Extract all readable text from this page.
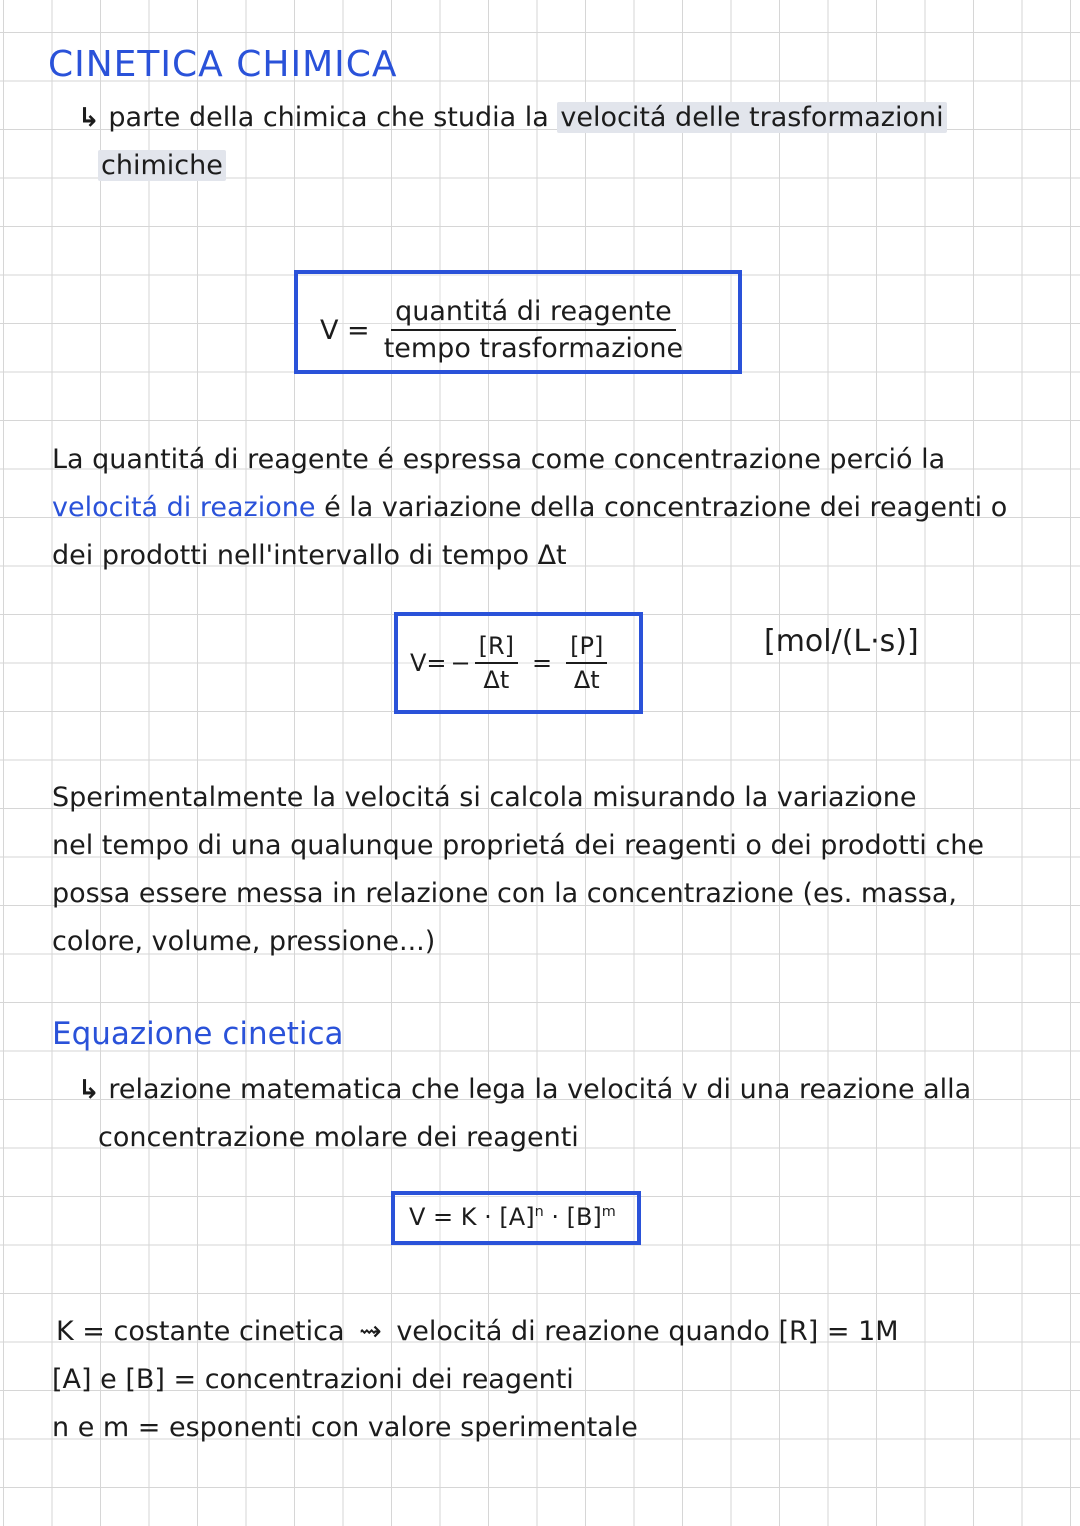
CINETICA CHIMICA
↳ parte della chimica che studia la velocitá delle trasformazioni
chimiche
$V = \frac{\text{quantitá di reagente}}{\text{tempo trasformazione}}$
La quantitá di reagente é espressa come concentrazione perció la
velocitá di reazione é la variazione della concentrazione dei reagenti o
dei prodotti nell'intervallo di tempo Δt
$V= - \frac{[R]}{\Delta t} = \frac{[P]}{\Delta t}$	[mol/(L·s)]
Sperimentalmente la velocitá si calcola misurando la variazione
nel tempo di una qualunque proprietá dei reagenti o dei prodotti che
possa essere messa in relazione con la concentrazione (es. massa,
colore, volume, pressione...)
Equazione cinetica
↳ relazione matematica che lega la velocitá v di una reazione alla
concentrazione molare dei reagenti
$V = K \cdot [A]^n \cdot [B]^m$
K = costante cinetica ⇝ velocitá di reazione quando [R] = 1M
[A] e [B] = concentrazioni dei reagenti
n e m = esponenti con valore sperimentale
